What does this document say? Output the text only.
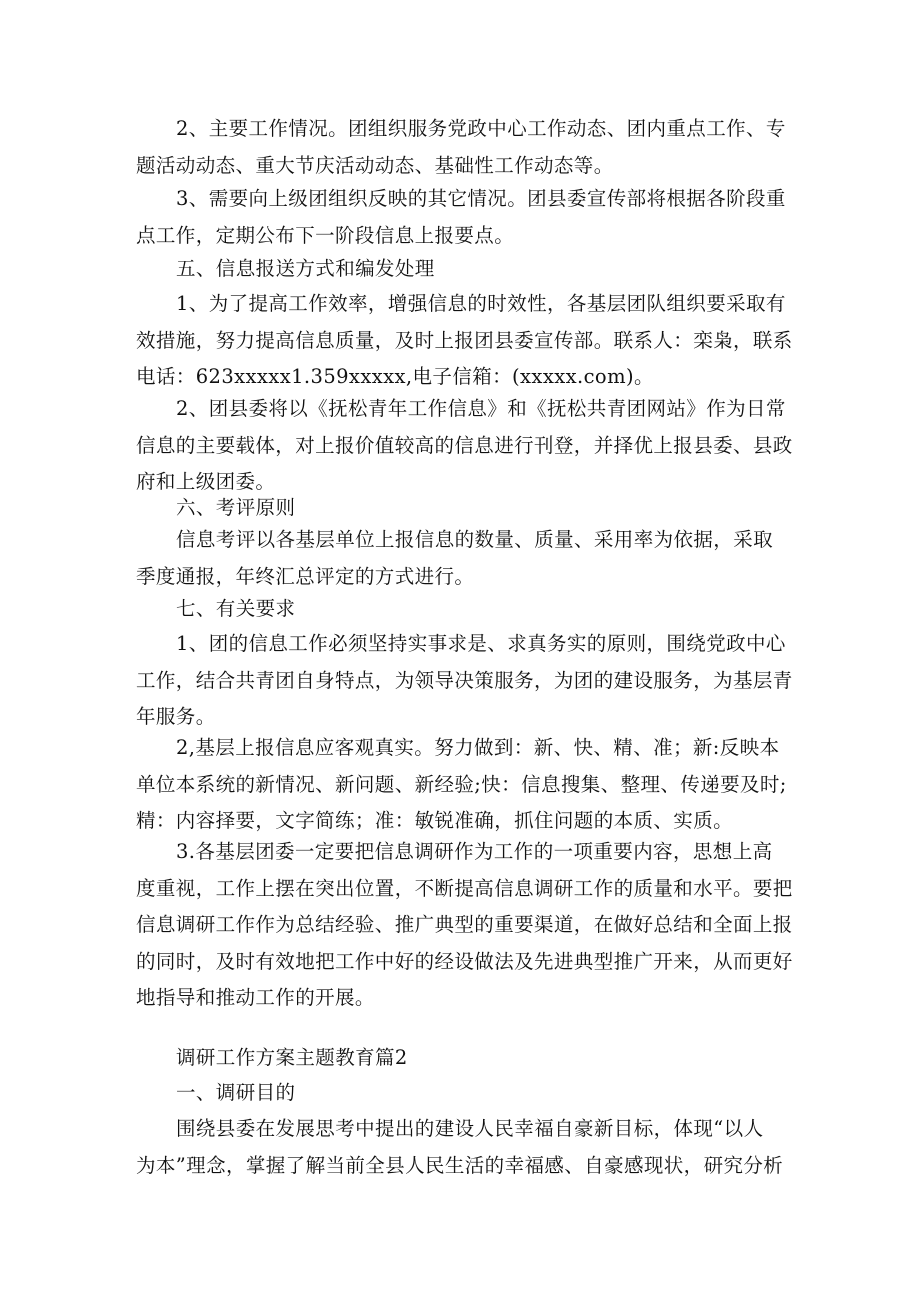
2、主要工作情况。团组织服务党政中心工作动态、团内重点工作、专
题活动动态、重大节庆活动动态、基础性工作动态等。
3、需要向上级团组织反映的其它情况。团县委宣传部将根据各阶段重
点工作，定期公布下一阶段信息上报要点。
五、信息报送方式和编发处理
1、为了提高工作效率，增强信息的时效性，各基层团队组织要采取有
效措施，努力提高信息质量，及时上报团县委宣传部。联系人：栾枭，联系
电话：623xxxxx1.359xxxxx,电子信箱：(xxxxx.com)。
2、团县委将以《抚松青年工作信息》和《抚松共青团网站》作为日常
信息的主要载体，对上报价值较高的信息进行刊登，并择优上报县委、县政
府和上级团委。
六、考评原则
信息考评以各基层单位上报信息的数量、质量、采用率为依据，采取
季度通报，年终汇总评定的方式进行。
七、有关要求
1、团的信息工作必须坚持实事求是、求真务实的原则，围绕党政中心
工作，结合共青团自身特点，为领导决策服务，为团的建设服务，为基层青
年服务。
2,基层上报信息应客观真实。努力做到：新、快、精、准；新:反映本
单位本系统的新情况、新问题、新经验;快：信息搜集、整理、传递要及时;
精：内容择要，文字简练；准：敏锐准确，抓住问题的本质、实质。
3.各基层团委一定要把信息调研作为工作的一项重要内容，思想上高
度重视，工作上摆在突出位置，不断提高信息调研工作的质量和水平。要把
信息调研工作作为总结经验、推广典型的重要渠道，在做好总结和全面上报
的同时，及时有效地把工作中好的经设做法及先进典型推广开来，从而更好
地指导和推动工作的开展。
调研工作方案主题教育篇2
一、调研目的
围绕县委在发展思考中提出的建设人民幸福自豪新目标，体现“以人
为本”理念，掌握了解当前全县人民生活的幸福感、自豪感现状，研究分析
